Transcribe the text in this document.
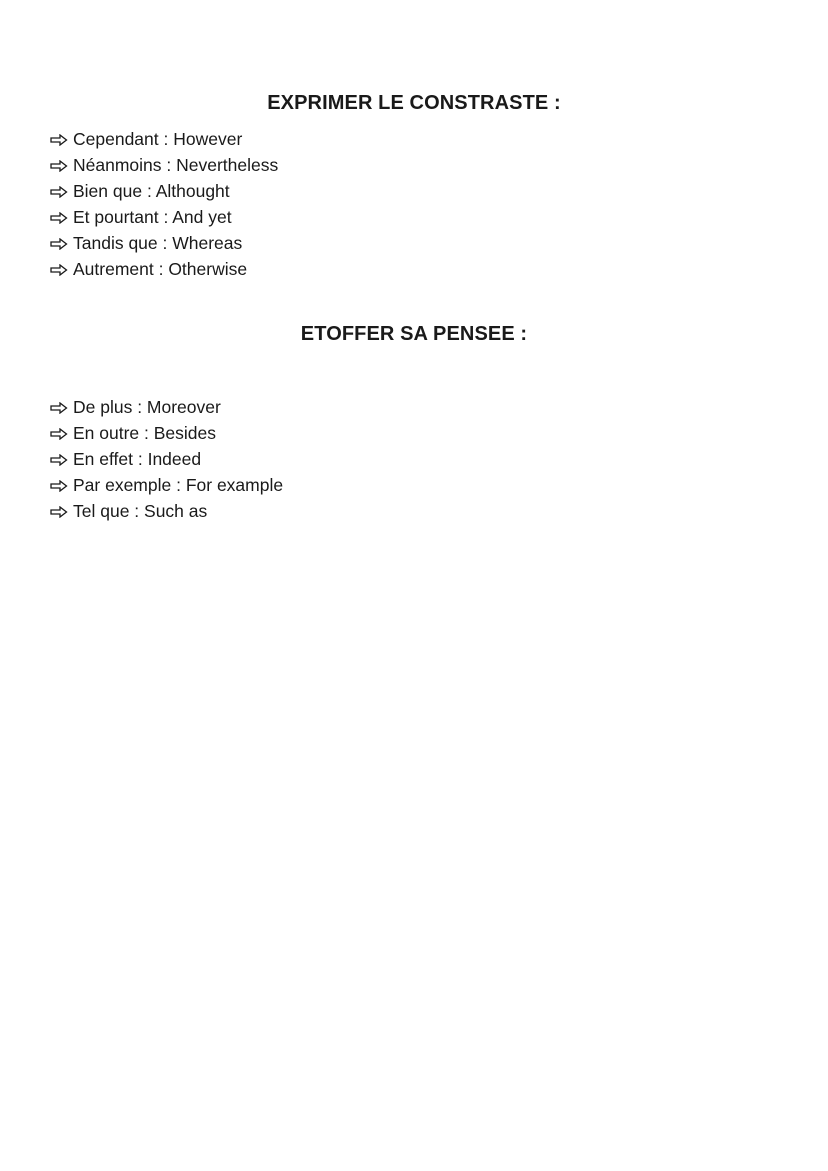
EXPRIMER LE CONSTRASTE :
Cependant : However
Néanmoins : Nevertheless
Bien que : Althought
Et pourtant : And yet
Tandis que : Whereas
Autrement : Otherwise
ETOFFER SA PENSEE :
De plus : Moreover
En outre : Besides
En effet : Indeed
Par exemple : For example
Tel que : Such as
